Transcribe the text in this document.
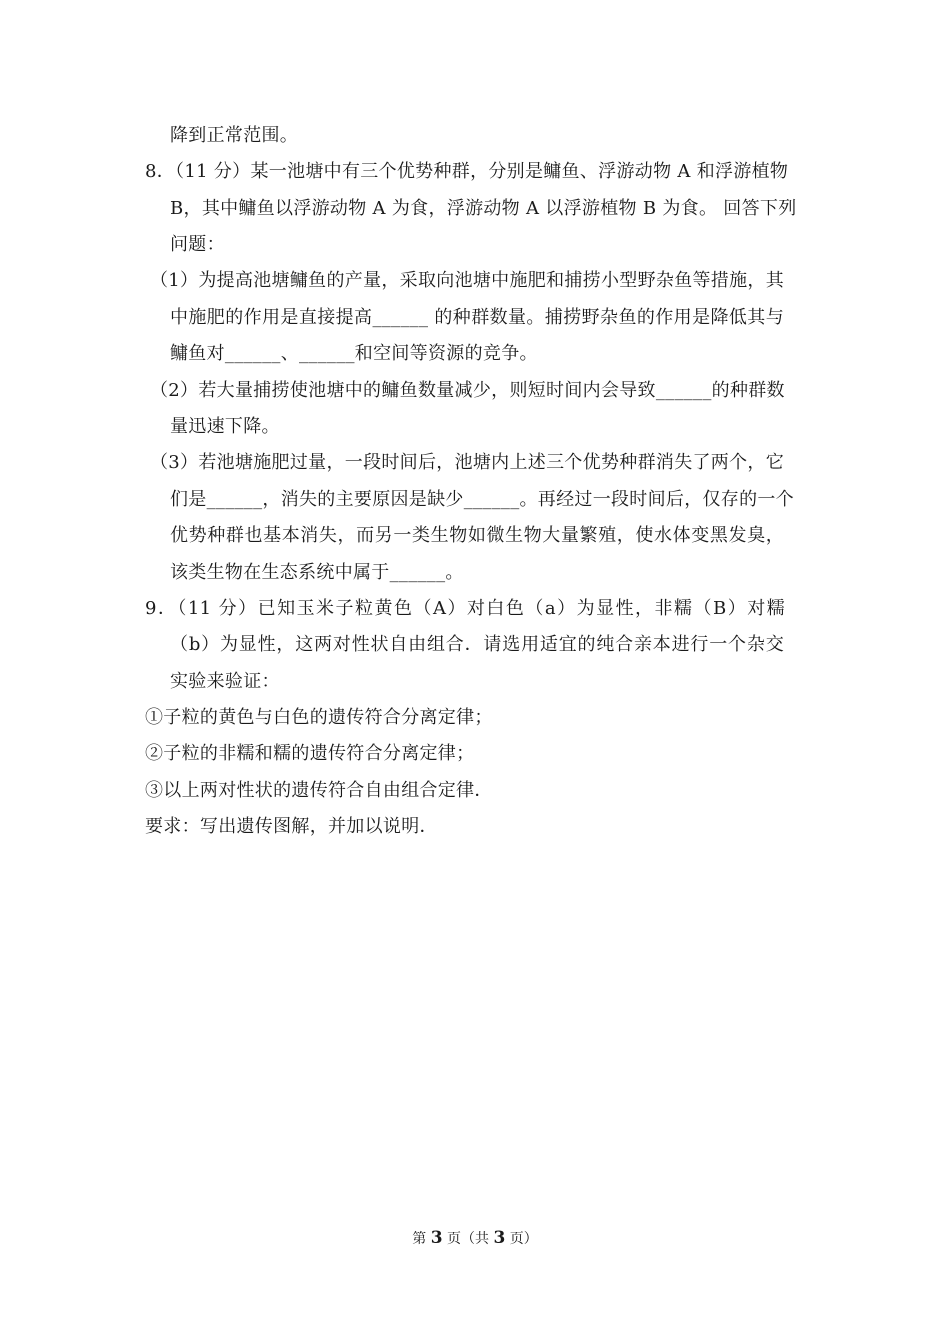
降到正常范围。
8．（11 分）某一池塘中有三个优势种群，分别是鳙鱼、浮游动物 A 和浮游植物
B，其中鳙鱼以浮游动物 A 为食，浮游动物 A 以浮游植物 B 为食。 回答下列
问题：
（1）为提高池塘鳙鱼的产量，采取向池塘中施肥和捕捞小型野杂鱼等措施，其
中施肥的作用是直接提高______ 的种群数量。捕捞野杂鱼的作用是降低其与
鳙鱼对______、______和空间等资源的竞争。
（2）若大量捕捞使池塘中的鳙鱼数量减少，则短时间内会导致______的种群数
量迅速下降。
（3）若池塘施肥过量，一段时间后，池塘内上述三个优势种群消失了两个，它
们是______，消失的主要原因是缺少______。再经过一段时间后，仅存的一个
优势种群也基本消失，而另一类生物如微生物大量繁殖，使水体变黑发臭，
该类生物在生态系统中属于______。
9．（11 分）已知玉米子粒黄色（A）对白色（a）为显性，非糯（B）对糯
（b）为显性，这两对性状自由组合．请选用适宜的纯合亲本进行一个杂交
实验来验证：
①子粒的黄色与白色的遗传符合分离定律；
②子粒的非糯和糯的遗传符合分离定律；
③以上两对性状的遗传符合自由组合定律．
要求：写出遗传图解，并加以说明．
第 3 页（共 3 页）
